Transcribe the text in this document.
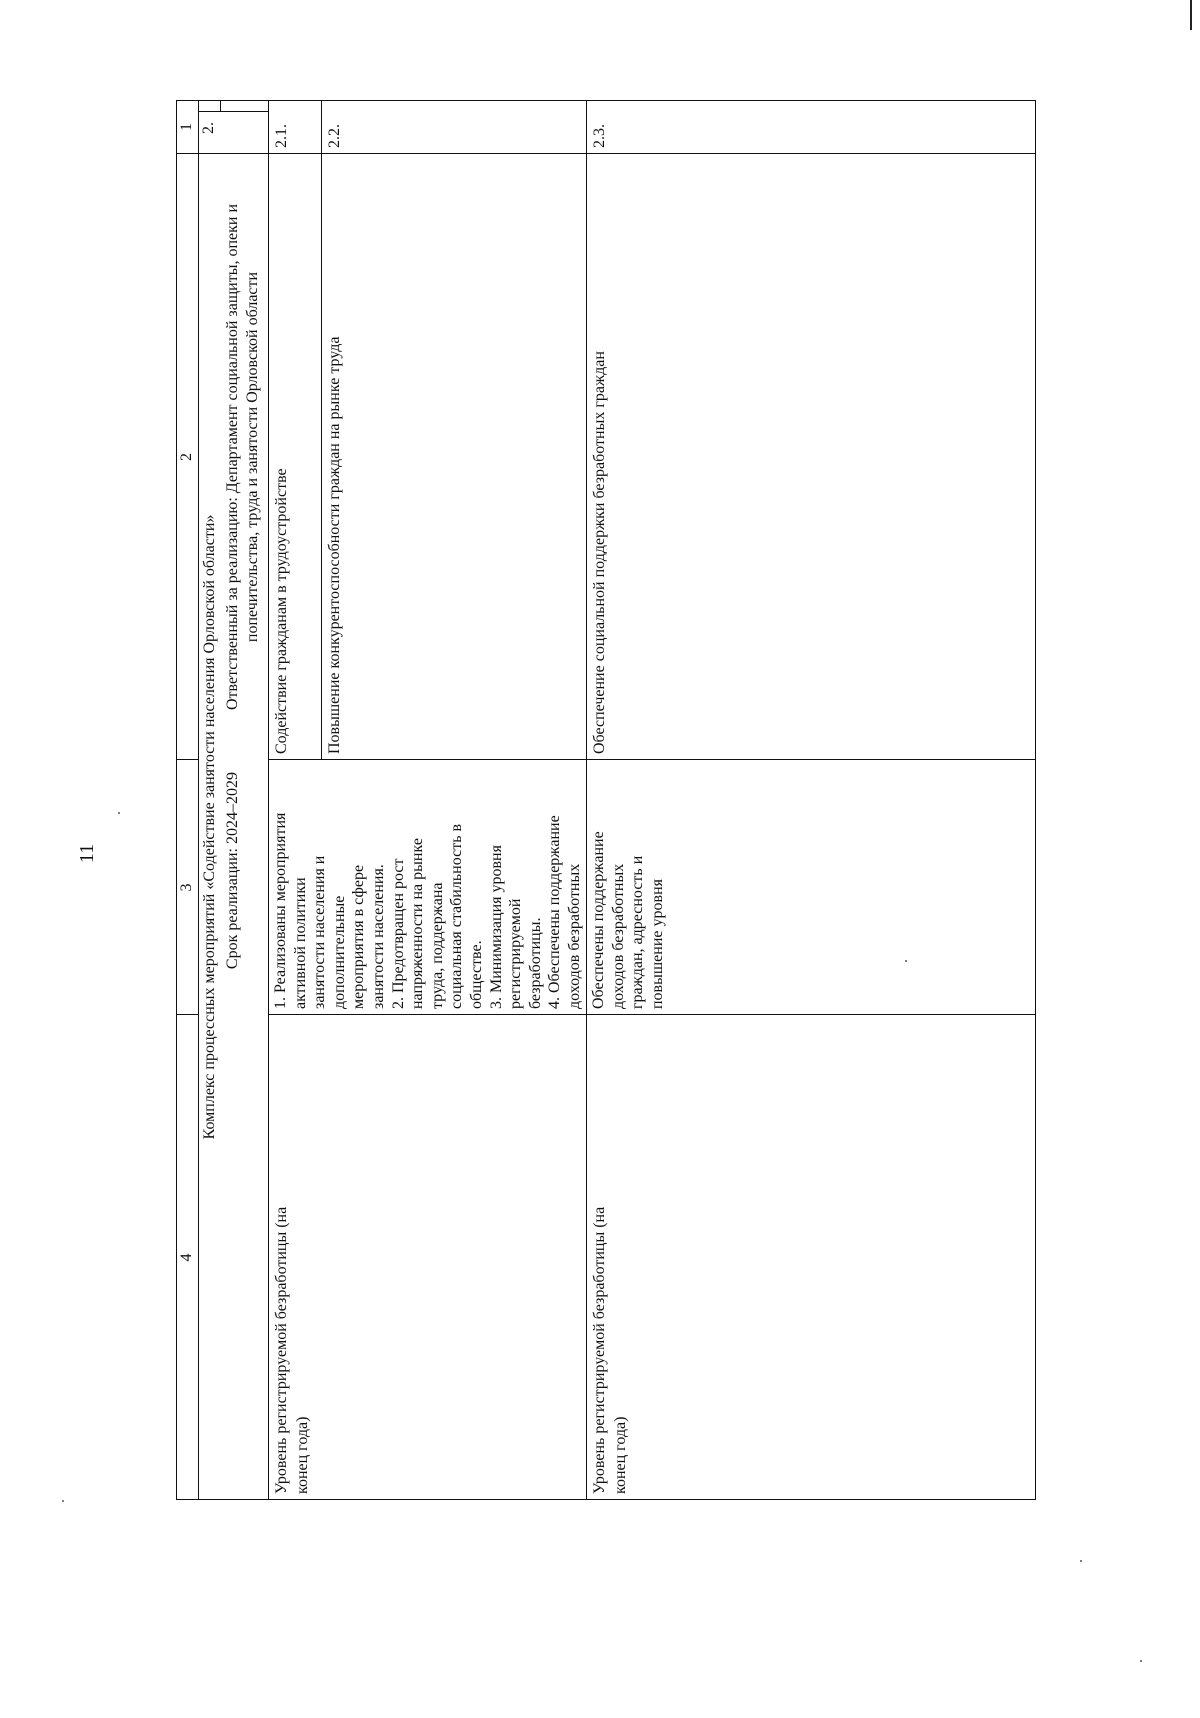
11
1
2
3
4
2.
Комплекс процессных мероприятий «Содействие занятости населения Орловской области»
Ответственный за реализацию: Департамент социальной защиты, опеки и попечительства, труда и занятости Орловской области
Срок реализации: 2024–2029
2.1.
Содействие гражданам в трудоустройстве
Уровень регистрируемой безработицы (на конец года)
1. Реализованы мероприятия активной политики занятости населения и дополнительные мероприятия в сфере занятости населения. 2. Предотвращен рост напряженности на рынке труда, поддержана социальная стабильность в обществе. 3. Минимизация уровня регистрируемой безработицы. 4. Обеспечены поддержание доходов безработных
2.2.
Повышение конкурентоспособности граждан на рынке труда
2.3.
Обеспечение социальной поддержки безработных граждан
Обеспечены поддержание доходов безработных граждан, адресность и повышение уровня
Уровень регистрируемой безработицы (на конец года)
